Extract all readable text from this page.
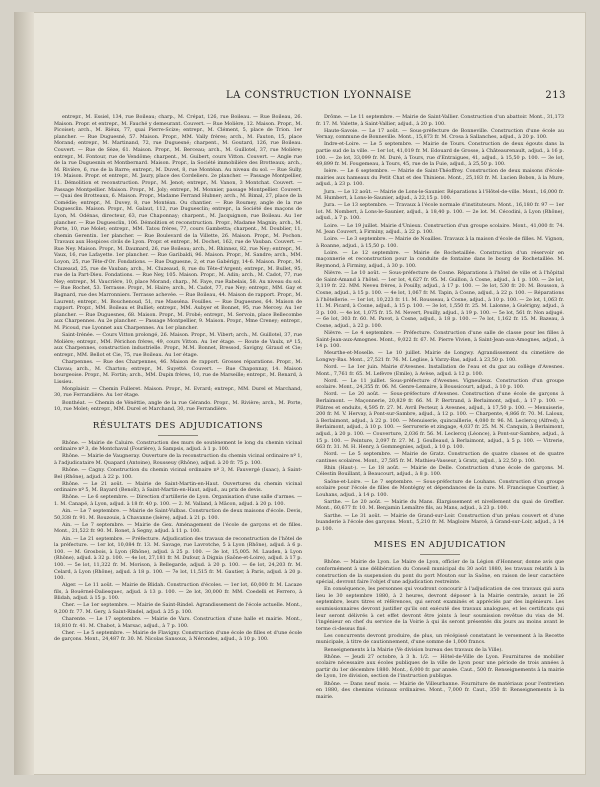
LA CONSTRUCTION LYONNAISE	213

entrepr., M. Essiel, 134, rue Boileau; charp., M. Crépat, 126, rue Boileau. — Rue Boileau, 26. Maison. Propr. et entrepr., M. Fauché y demeurant. Couvert. — Rue Molière, 12. Maison. Propr., M. Picoiset; arch., M. Riéux, 77, quai Pierre-Scize; entrepr., M. Clément, 5, place de Trion. 1er plancher. — Rue Duguesné, 57. Maison. Propr., MM. Vally frères; arch., M. Fauton, 15, place Morand; entrepr., M. Martinand, 72, rue Duguesné; charpent., M. Goutard, 126, rue Boileau. Couvert. — Rue de Sèze, 61. Maison. Propr., M. Berceau; arch., M. Guillotel, 37, rue Molière; entrepr., M. Fontour, rue de Vendôme; charpent., M. Guibert, cours Vitton. Couvert. — Angle rue de la rue Duguesnin et Montbernard. Maison. Propr., la Société immobilière des Brotteaux; arch., M. Rivière, 6, rue de la Barre; entrepr., M. Duvet, 8, rue Montéan. Au niveau du sol. — Rue Sully, 19. Maison. Propr. et entrepr., M. Jaury, place des Cordeliers. 2e plancher. — Passage Montpellier, 11. Démolition et reconstruction. Propr., M. Jenot; entrepr., M. Vanon, 3 Montchat. Couvert. — Passage Montpellier. Maison. Propr., M. Joly; entrepr., M. Monnier, passage Montpellier. Couvert. — Quai des Brotteaux, 6. Maison. Propr., Madame Ferrand Hubner; arch., M. Bimal, 27, place de la Comédie; entrepr., M. Duvey, 8, rue Montéan. Ou chantier. — Rue Roumey, angle de la rue Duguesclin. Maison. Propr., M. Galaut, 112, rue Duguesclin; entrepr., la Société des maçons de Lyon, M. Odénas, directeur, 63, rue Chaponnay; charpent., M. Jacquignon, rue Boileau. Au 1er plancher. — Rue Duguesclin, 106. Démolition et reconstruction. Propr., Madame Magnin; arch., M. Porte, 10, rue Molet; entrepr., MM. Tatou frères, 77, cours Gambetta; charpent., M. Doublier, 11, chemin Gerentin. 1er plancher. — Rue Boulevard de la Villette, 26. Maison. Propr., M. Pochon. Travaux aux Hospices civils de Lyon. Propr. et entrepr., M. Dochet, 162, rue de Vauban. Couvert. — Rue Ney. Maison. Propr., M. Daumard, 26, rue Boileau; arch., M. Rhinnez, 82, rue Ney; entrepr., M. Vaux, 16, rue Lafayette. 1er plancher. — Rue Garibaldi, 96. Maison. Propr., M. Sandre; arch., MM. Loyon, 25, rue Tête-d'Or. Fondations. — Rue Duguesne, 2, et rue Gabérigy, 14-6. Maison. Propr., M. Cluzeaud, 25, rue de Vauban; arch., M. Cluzeaud, 8, rue du Tête-d'Argent; entrepr., M. Bullet, 95, rue de la Part-Dieu. Fondations. — Rue Ney, 105. Maison. Propr., M. Adin; arch., M. Cadot, 77, rue Ney; entrepr., M. Vaucrière, 10, place Morand; charp., M. Faye, rue Rabelais, 58. Au niveau du sol. — Rue Rochet, 53. Terrasse. Propr., M. Haire; arch., M. Cadot, 77, rue Ney; entrepr., MM. Gay et Bagnard, rue des Marronniers. Terrasse achevée. — Rue Boileau, 44. Maison de rapport. Propr., M. Laurent; entrepr., M. Bouchenoud, 51, rue Masséna. Fouilles. — Rue Duguesnes, 64. Maison de rapport. Propr., MM. Boileau et Bulliet; entrepr., MM. Aubyer et Bonnet, 95, rue Mercey. Au 1er plancher. — Rue Duguesnes, 68. Maison. Propr., M. Frobé; entrepr., M. Servoin, place Bellecombe aux Charpennes. Au 2e plancher. — Passage Montpellier, 9. Maison. Propr., Mme Creney; entrepr., M. Picoud, rue Lyonnet aux Charpennes. Au 1er plancher.

Saint-Irénée. — Cours Vitton prolongé, 26. Maison. Propr., M. Vibert; arch., M. Guillotel, 37, rue Molière; entrepr., MM. Périchon frères, 49, cours Vitton. Au 1er étage. — Route de Vaulx, nº 15, aux Charpennes, construction industrielle. Propr., M.M. Bonnet, Bressod, Savigny, Giraud et Cie; entrepr., MM. Bellot et Cie, 75, rue Boileau. Au 1er étage.

Charpennes. — Rue des Charpennes, 46. Maison de rapport. Grosses réparations. Propr., M. Clavau; arch., M. Charton; entrepr., M. Suyetté. Couvert. — Rue Chaponnay, 14. Maison bourgeoise. Propr., M. Fortin; arch., MM. Dupin frères, 10, rue de Marseille; entrepr., M. Renard, à Lissieu.

Monplaisir. — Chemin Fulleret. Maison. Propr., M. Evrard; entrepr., MM. Durel et Marchand, 30, rue Ferrandière. Au 1er étage.

Bonthéat. — Chemin de Vénéttie, angle de la rue Gérando. Propr., M. Rivière; arch., M. Porte, 10, rue Molet; entrepr., MM. Durel et Marchand, 30, rue Ferrandière.

RÉSULTATS DES ADJUDICATIONS

Rhône. — Mairie de Caluire. Construction des murs de soutènement le long du chemin vicinal ordinaire nº 3, de Montchaval (Fourière), à Sampsis, adjud. à 1 p. 100.

Rhône. — Mairie de Vaugneray. Ouverture de la reconstruction du chemin vicinal ordinaire nº 1, à l'adjudicataire M. Quapard (Antoine), Rousseuy (Rhône), adjud. à 20 fr. 75 p. 100.

Rhône. — Cagny. Construction du chemin vicinal ordinaire nº 3, M. Fauvergé (Isaac), à Saint-Bel (Rhône), adjud. à 22 p. 100.

Rhône. — Le 21 août. — Mairie de Saint-Martin-en-Haut. Ouvertures du chemin vicinal ordinaire nº 5, M. Bayard (Benoît), à Saint-Martin-en-Haut, adjud., au prix de devis.

Rhône. — Le 6 septembre. — Direction d'artillerie de Lyon. Organisation d'une salle d'armes. — 1. M. Canapé, à Lyon, adjud. à 18 fr. 40 p. 100. — 2. M. Valland, à Mâcon, adjud. à 20 p. 100.

Ain. — Le 7 septembre. — Mairie de Saint-Vulbas. Construction de deux maisons d'école. Devis, 50,338 fr. 91. M. Rouzouis, à Chavanne (Isère), adjud. à 21 p. 100.

Ain. — Le 7 septembre. — Mairie de Gex. Aménagement de l'école de garçons et de filles. Mont., 21,522 fr. 90. M. Ronet, à Segny, adjud. à 11 p. 100.

Ain. — Le 21 septembre. — Préfecture. Adjudication des travaux de reconstruction de l'hôtel de la préfecture. — 1er lot, 10,084 fr. 13. M. Savage, rue Lavrotche, 5 à Lyon (Rhône), adjud. à 6 p. 100. — M. Grosbois, à Lyon (Rhône), adjud. à 25 p. 100. — 3e lot, 15,005. M. Lauden, à Lyon (Rhône), adjud. à 32 p. 100. — 4e lot, 27,181 fr. M. Dufour, à Dignia (Saône-et-Loire), adjud. à 17 p. 100. — 5e lot, 11,322 fr. M. Morison, à Bellegarde, adjud. à 20 p. 100. — 6e lot, 24,203 fr. M. Celard, à Lyon (Rhône), adjud. à 18 p. 100. — 7e lot, 11,515 fr. M. Gautier, à Paris, adjud. à 20 p. 100.

Alger. — Le 11 août. — Mairie de Blidah. Construction d'écoles. — 1er lot, 60,000 fr. M. Lacaze fils, à Bouërnel-Daliesquec, adjud. à 13 p. 100. — 2e lot, 30,000 fr. MM. Coedelli et Ferrero, à Blidah, adjud. à 15 p. 100.

Cher. — Le 1er septembre. — Mairie de Saint-Rindel. Agrandissement de l'école actuelle. Mont., 9,200 fr. 77. M. Gery, à Saint-Rindel, adjud. à 25 p. 100.

Charente. — Le 17 septembre. — Mairie de Vars. Construction d'une halle et mairie. Mont., 18,810 fr. 41. M. Chabot, à Marsac, adjud., à 7 p. 100.

Cher. — Le 5 septembre. — Mairie de Flavigny. Construction d'une école de filles et d'une école de garçons. Mont., 24,487 fr. 30. M. Nicolas Sansoux, à Nérondes, adjud., à 10 p. 100.

Drôme. — Le 11 septembre. — Mairie de Saint-Vallier. Construction d'un abattoir. Mont., 31,173 fr. 17. M. Valette, à Saint-Vallier, adjud., à 20 p. 100.

Haute-Savoie. — Le 17 août. — Sous-préfecture de Bonneville. Construction d'une école au Vernay, commune de Bonneville. Mont., 15,873 fr. M. Crosa à Sallanches, adjud., à 20 p. 100.

Indre-et-Loire. — Le 5 septembre. — Mairie de Tours. Construction de deux égouts dans la partie sud de la ville. — 1er lot, 41,019 fr. M. Edouard de Grosse, à Châteaurenault, adjud., à 16 p. 100. — 2e lot, 33,099 fr. M. Duré, à Tours, rue d'Entraigues, 41, adjud., à 15,50 p. 100. — 3e lot, 49,899 fr. M. Fougemeau, à Tours, 45, rue de la Fuie, adjud., à 25,50 p. 100.

Isère. — Le 6 septembre. — Mairie de Saint-Théoffrey. Construction de deux maisons d'école-mairies aux hameaux du Petit Chat et des Thiniens. Mont., 25,183 fr. M. Lucien Bobon, à la Mure, adjud., à 23 p. 100.

Jura. — Le 12 août. — Mairie de Lons-le-Saunier. Réparations à l'Hôtel-de-ville. Mont., 16,000 fr. M. Humbert, à Lons-le-Saunier, adjud., à 22,15 p. 100.

Jura. — Le 13 septembre. — Travaux à l'école normale d'instituteurs. Mont., 16,180 fr. 97 — 1er lot. M. Nombert, à Lons-le-Saunier, adjud., à 18,40 p. 100. — 2e lot. M. Cécodini, à Lyon (Rhône), adjud., à 7 p. 100.

Loire. — Le 19 juillet. Mairie d'Unieux. Construction d'un groupe scolaire. Mont., 41,000 fr. 74. M. Jean Couvert, à Firminy, adjud., à 22 p. 100.

Loire. — Le 3 septembre. — Mairie de Noailles. Travaux à la maison d'école de filles. M. Vignon, à Roanne, adjud., à 15,50 p. 100.

Loire. — Le 12 septembre. — Mairie de Rochetaillée. Construction d'un réservoir en maçonnerie et reconstruction pour la conduite de fontaine dans le bourg de Rochetaillée. M. Reymond, à Firminy, adjud., à 30 p. 100.

Nièvre. — Le 10 août. — Sous-préfecture de Cosne. Réparations à l'hôtel de ville et à l'hôpital de Saint-Amand à l'hôtel. — 1er lot, 4,627 fr. 95. M. Guillon, à Cosne, adjud., à 1 p. 100. — 2e lot, 3,119 fr. 22. MM. Neveu frères, à Pouilly, adjud., à 17 p. 100. — 3e lot, 530 fr. 20. M. Bousson, à Cosne, adjud., à 15 p. 100. — 4e lot, 1,067 fr. M. Tapin, à Cosne, adjud., à 22 p. 100. — Réparations à l'hôtellerie. — 1er lot, 10,223 fr. 11. M. Rousseau, à Cosne, adjud., à 10 p. 100. — 2e lot, 1,063 fr. 11. M. Picard, à Cosne, adjud., à 15 p. 100. — 3e lot, 1,550 fr. 25. M. Lalonne, à Guérigny, adjud., à 3 p. 100. — 4e lot, 1,075 fr. 15. M. Nevert, Pouilly, adjud., à 19 p. 100. — 5e lot, 561 fr. Non adjugé. — 6e lot, 303 fr. 60. M. Pavot, à Cosne, adjud., à 18 p. 100. — 7e lot, 1,162 fr. 15. M. Bazeau, à Cosne, adjud., à 22 p. 100.

Nièvre. — Le 4 septembre. — Préfecture. Construction d'une salle de classe pour les filles à Saint-Jean-aux-Amognes. Mont., 9,022 fr. 67. M. Pierre Vivien, à Saint-Jean-aux-Amognes, adjud., à 14 p. 100.

Meurthe-et-Moselle. — Le 10 juillet. Mairie de Longwy. Agrandissement du cimetière de Longwy-Bas. Mont., 27,521 fr. 76. M. Leglise, à Varzy-Bas, adjud. à 23,50 p. 100.

Nord. — Le 1er juin. Mairie d'Avesnes. Installation de l'eau et du gaz au collège d'Avesnes. Mont., 7,761 fr. 65. M. Lefèvre (Emile), à Avèse, adjud. à 12 p. 100.

Nord. — Le 11 juillet. Sous-préfecture d'Avesnes. Vigneuleux. Construction d'un groupe scolaire. Mont., 24,355 fr. 06. M. Genre-Lemaire, à Boussicourt, adjud., à 10 p. 100.

Nord. — Le 20 août. — Sous-préfecture d'Avesnes. Construction d'une école de garçons à Berlaimont. — Maçonnerie, 20,829 fr. 66. M. P. Bertrand, à Berlaimont, adjud., à 17 p. 100. — Plâtres et enduits, 4,595 fr. 27. M. Avril Pecteur, à Avesnes, adjud., à 17,50 p. 100. — Menuiserie, 200 fr. M. V. Hervay, à Pont-sur-Sambre, adjud., à 12 p. 100. — Charpente, 4,866 fr. 70. M. Laloux, à Berlaimont, adjud., à 22 p. 100. — Menuiserie, quincaillerie, 4,080 fr. 96. M. Leclercq (Alfred), à Berlaimont, adjud., à 10 p. 100. — Serrurerie et zingage, 4,037 fr. 25. M. N. Canquin, à Berlaimont, adjud., à 20 p. 100. — Couverture, 2,036 fr. 56. M. Leclercq (Léonce), à Pont-sur-Sambre, adjud., à 15 p. 100. — Peinture, 2,097 fr. 27. M. J. Goulleaud, à Berlaimont, adjud., à 5 p. 100. — Vitrerie, 663 fr. 31. M. H. Henry, à Gommegnies, adjud., à 10 p. 100.

Nord. — Le 5 septembre. — Mairie de Gratz. Construction de quatre classes et de quatre cantines scolaires. Mont., 27,585 fr. M. Mathieu-Vasseur, à Gratz, adjud., à 22,50 p. 100.

Rhin (Haut-). — Le 18 août. — Mairie de Delle. Construction d'une école de garçons. M. Célestin Bouillant, à Beaucourt, adjud., à 8 p. 100.

Saône-et-Loire. — Le 7 septembre. — Sous-préfecture de Louhans. Construction d'un groupe scolaire pour l'école de filles de Montégny et dépendances de la cure. M. Francisque Courtier, à Louhans, adjud., à 14 p. 100.

Sarthe. — Le 20 août. — Mairie du Mans. Élargissement et nivellement du quai de Greffier. Mont., 60,677 fr. 10. M. Benjamin Lemaître fils, au Mans, adjud., à 23 p. 100.

Sarthe. — Le 31 août. — Mairie de Grand-sur-Loir. Construction d'un préau couvert et d'une buanderie à l'école des garçons. Mont., 5,210 fr. M. Magloire Marcé, à Grand-sur-Loir, adjud., à 14 p. 100.

MISES EN ADJUDICATION

Rhône. — Mairie de Lyon. Le Maire de Lyon, officier de la Légion d'Honneur, donne avis que conformément à une délibération du Conseil municipal du 30 août 1880, les travaux relatifs à la construction de la suspension du pont du port Mouton sur la Saône, en raison de leur caractère spécial, devront faire l'objet d'une adjudication restreinte.

En conséquence, les personnes qui voudront concourir à l'adjudication de ces travaux qui aura lieu le 30 septembre 1880, à 2 heures, devront déposer à la Mairie centrale, avant le 26 septembre, leurs titres et références, qui seront examinés et appréciés par des ingénieurs. Les soumissionnaires devront justifier qu'ils ont exécuté des travaux analogues, et les certificats qui leur seront délivrés à cet effet devront être joints à leur soumission revêtue du visa de M. l'ingénieur en chef du service de la Voirie à qui ils seront présentés dix jours au moins avant le terme ci-dessus fixé.

Les concurrents devront produire, de plus, un récépissé constatant le versement à la Recette municipale, à titre de cautionnement, d'une somme de 1,000 francs.

Renseignements à la Mairie (Ve division bureau des travaux de la Ville).

Rhône. — Jeudi 27 octobre, à 3 h. 1/2. — Hôtel-de-Ville de Lyon. Fournitures de mobilier scolaire nécessaire aux écoles publiques de la ville de Lyon pour une période de trois années à partir du 1er décembre 1880. Mont., 6,000 fr. par année. Caut., 500 fr. Renseignements à la mairie de Lyon, 1re division, section de l'instruction publique.

Rhône. — Dans neuf mois. — Mairie de Villeurbanne. Fourniture de matériaux pour l'entretien en 1880, des chemins vicinaux ordinaires. Mont., 7,000 fr. Caut., 350 fr. Renseignements à la mairie.
